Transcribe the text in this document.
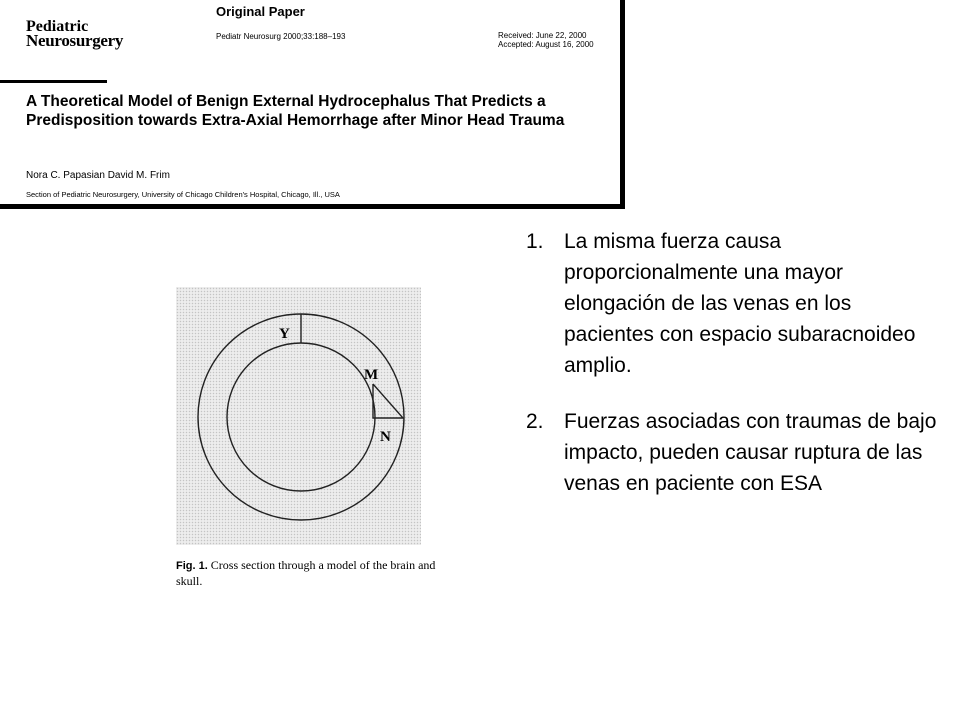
Pediatric
Neurosurgery
Original Paper
Pediatr Neurosurg 2000;33:188–193	Received: June 22, 2000
Accepted: August 16, 2000
A Theoretical Model of Benign External Hydrocephalus That Predicts a Predisposition towards Extra-Axial Hemorrhage after Minor Head Trauma
Nora C. Papasian David M. Frim
Section of Pediatric Neurosurgery, University of Chicago Children's Hospital, Chicago, Ill., USA
Y
M
N

Fig. 1. Cross section through a model of the brain and skull.

1. La misma fuerza causa proporcionalmente una mayor elongación de las venas en los pacientes con espacio subaracnoideo amplio.
2. Fuerzas asociadas con traumas de bajo impacto, pueden causar ruptura de las venas en paciente con ESA
